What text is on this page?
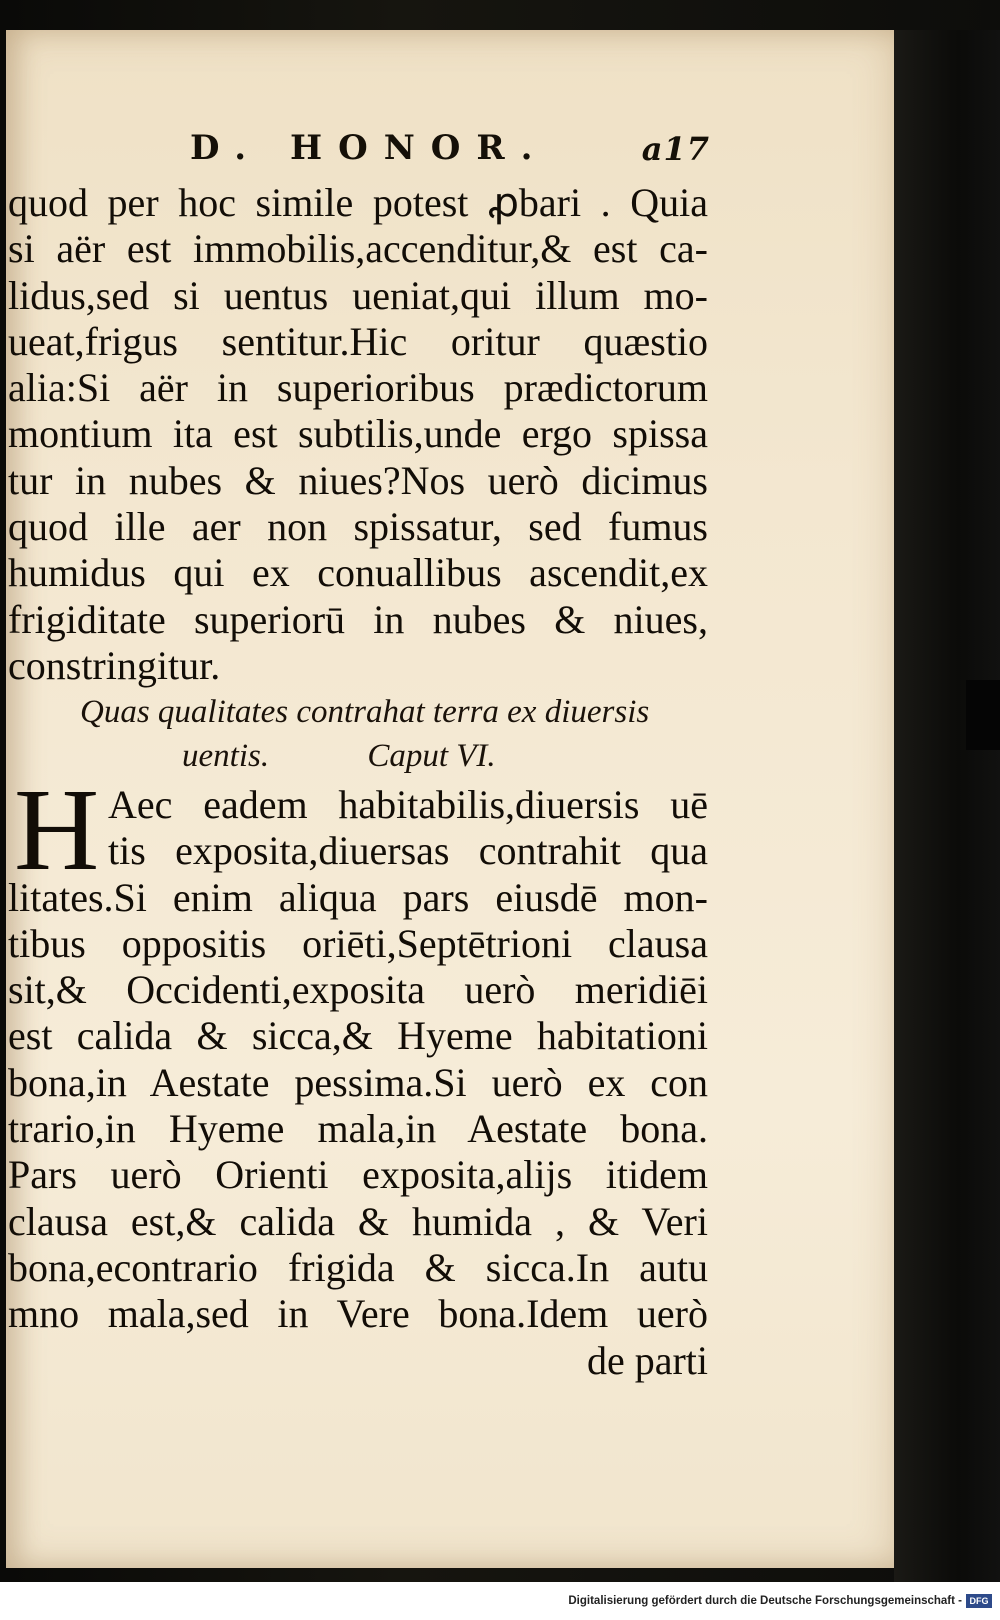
D. HONOR.	a17
quod per hoc simile potest ꝓbari . Quia
si aër est immobilis,accenditur,& est ca-
lidus,sed si uentus ueniat,qui illum mo-
ueat,frigus sentitur.Hic oritur quæstio
alia:Si aër in superioribus prædictorum
montium ita est subtilis,unde ergo spissa
tur in nubes & niues?Nos uerò dicimus
quod ille aer non spissatur, sed fumus
humidus qui ex conuallibus ascendit,ex
frigiditate superiorū in nubes & niues,
constringitur.
Quas qualitates contrahat terra ex diuersis
uentis.	Caput VI.
H Aec eadem habitabilis,diuersis uē
tis exposita,diuersas contrahit qua
litates.Si enim aliqua pars eiusdē mon-
tibus oppositis oriēti,Septētrioni clausa
sit,& Occidenti,exposita uerò meridiēi
est calida & sicca,& Hyeme habitationi
bona,in Aestate pessima.Si uerò ex con
trario,in Hyeme mala,in Aestate bona.
Pars uerò Orienti exposita,alijs itidem
clausa est,& calida & humida , & Veri
bona,econtrario frigida & sicca.In autu
mno mala,sed in Vere bona.Idem uerò
de parti
Digitalisierung gefördert durch die Deutsche Forschungsgemeinschaft - DFG
